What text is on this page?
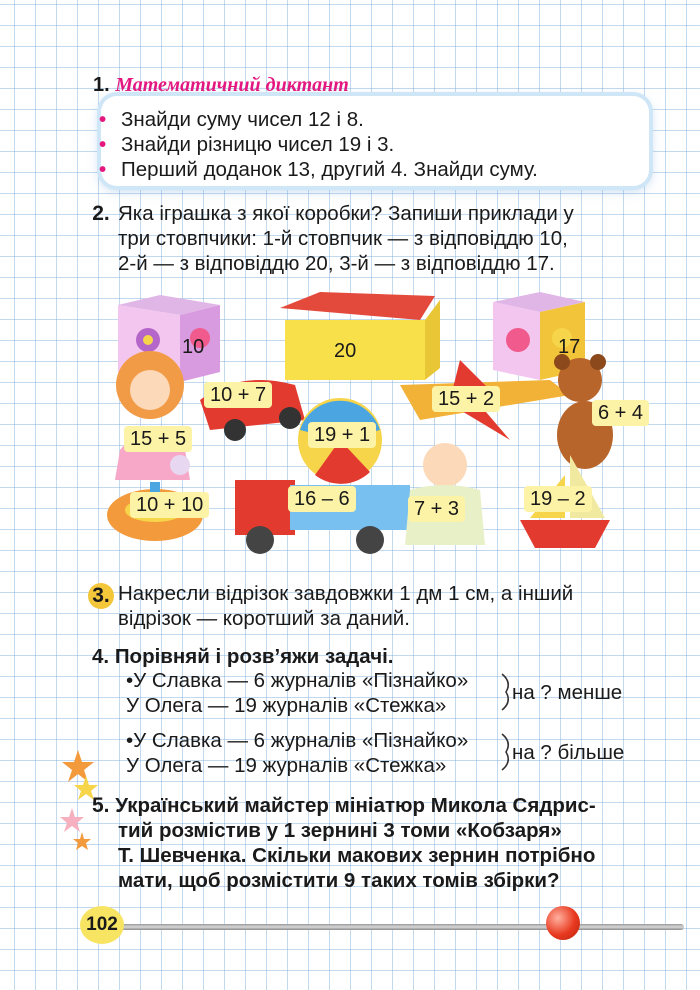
1. Математичний диктант
• Знайди суму чисел 12 і 8.
• Знайди різницю чисел 19 і 3.
• Перший доданок 13, другий 4. Знайди суму.
2. Яка іграшка з якої коробки? Запиши приклади у
три стовпчики: 1-й стовпчик — з відповіддю 10,
2-й — з відповіддю 20, 3-й — з відповіддю 17.
10	20	17
10 + 7	15 + 2
15 + 5	19 + 1
6 + 4
10 + 10	16 – 6	7 + 3	19 – 2
3. Накресли відрізок завдовжки 1 дм 1 см, а інший
відрізок — коротший за даний.
4. Порівняй і розв’яжи задачі.
•У Славка — 6 журналів «Пізнайко»
У Олега — 19 журналів «Стежка»
на ? менше
•У Славка — 6 журналів «Пізнайко»
У Олега — 19 журналів «Стежка»
на ? більше
5. Український майстер мініатюр Микола Сядрис-
тий розмістив у 1 зернині 3 томи «Кобзаря»
Т. Шевченка. Скільки макових зернин потрібно
мати, щоб розмістити 9 таких томів збірки?
102
